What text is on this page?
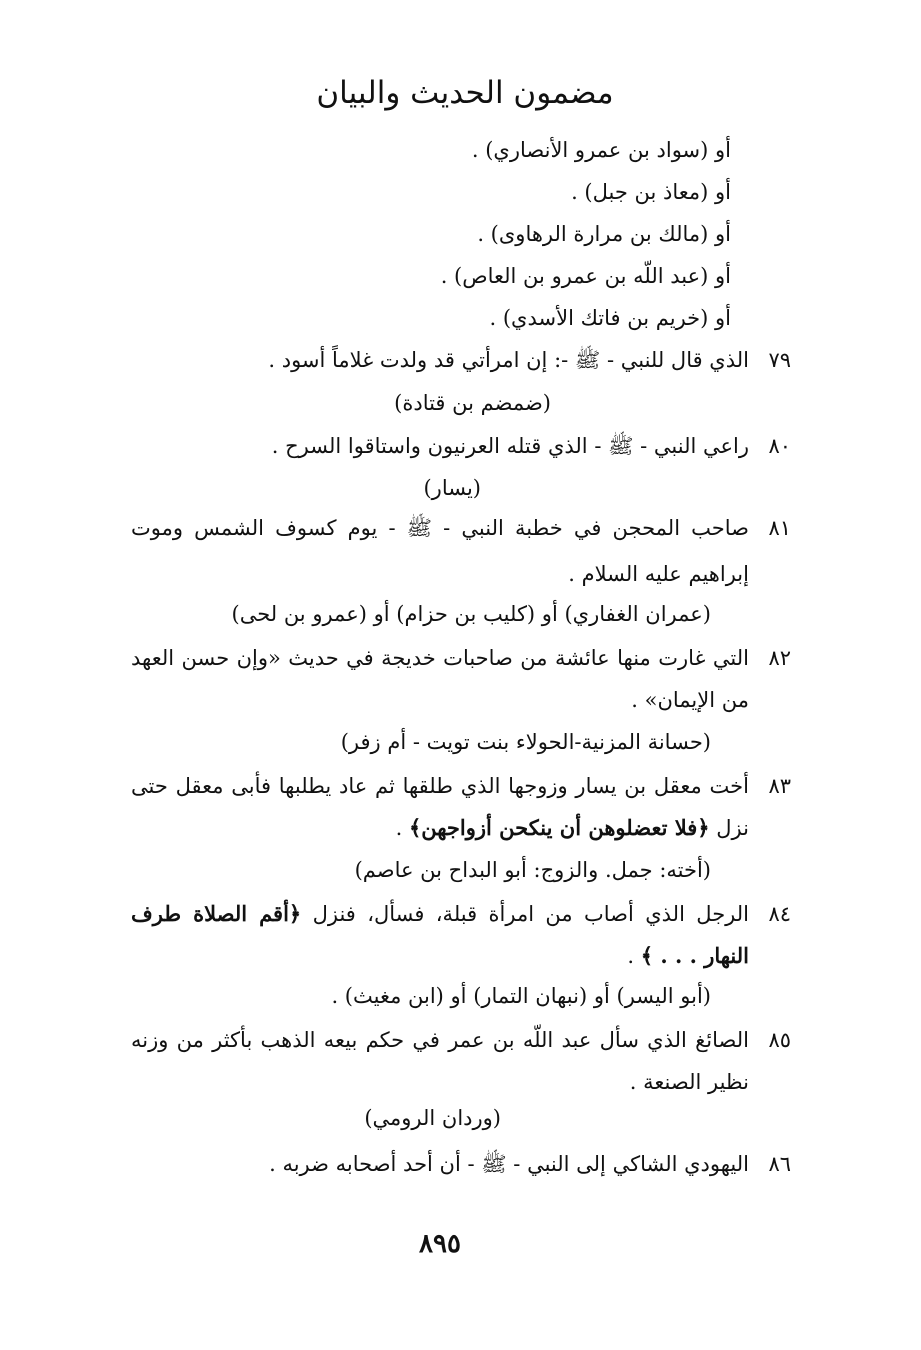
مضمون الحديث والبيان
أو (سواد بن عمرو الأنصاري) .
أو (معاذ بن جبل) .
أو (مالك بن مرارة الرهاوى) .
أو (عبد اللّه بن عمرو بن العاص) .
أو (خريم بن فاتك الأسدي) .
٧٩الذي قال للنبي - ﷺ -: إن امرأتي قد ولدت غلاماً أسود .
(ضمضم بن قتادة)
٨٠راعي النبي - ﷺ - الذي قتله العرنيون واستاقوا السرح .
(يسار)
٨١صاحب المحجن في خطبة النبي - ﷺ - يوم كسوف الشمس وموت
إبراهيم عليه السلام .
(عمران الغفاري) أو (كليب بن حزام) أو (عمرو بن لحى)
٨٢التي غارت منها عائشة من صاحبات خديجة في حديث «وإن حسن العهد
من الإيمان» .
(حسانة المزنية-الحولاء بنت تويت - أم زفر)
٨٣أخت معقل بن يسار وزوجها الذي طلقها ثم عاد يطلبها فأبى معقل حتى
نزل ﴿فلا تعضلوهن أن ينكحن أزواجهن﴾ .
(أخته: جمل. والزوج: أبو البداح بن عاصم)
٨٤الرجل الذي أصاب من امرأة قبلة، فسأل، فنزل ﴿أقم الصلاة طرف
النهار . . . ﴾ .
(أبو اليسر) أو (نبهان التمار) أو (ابن مغيث) .
٨٥الصائغ الذي سأل عبد اللّه بن عمر في حكم بيعه الذهب بأكثر من وزنه
نظير الصنعة .
(وردان الرومي)
٨٦اليهودي الشاكي إلى النبي - ﷺ - أن أحد أصحابه ضربه .
٨٩٥
